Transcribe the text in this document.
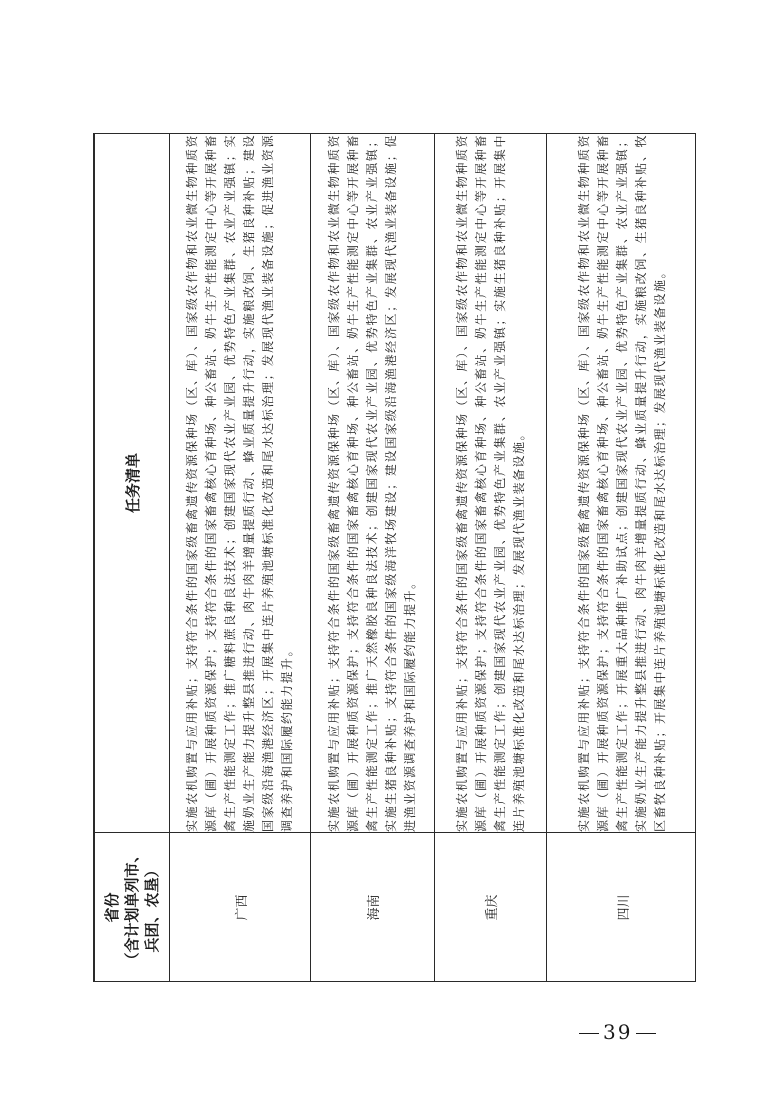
省份 （含计划单列市、 兵团、农垦）	任务清单
广西	实施农机购置与应用补贴；支持符合条件的国家级畜禽遗传资源保种场（区、库）、国家级农作物和农业微生物种质资源库（圃）开展种质资源保护；支持符合条件的国家畜禽核心育种场、种公畜站、奶牛生产性能测定中心等开展种畜禽生产性能测定工作；推广糖料蔗良种良法技术；创建国家现代农业产业园、优势特色产业集群、农业产业强镇；实施奶业生产能力提升整县推进行动、肉牛肉羊增量提质行动、蜂业质量提升行动，实施粮改饲、生猪良种补贴；建设国家级沿海渔港经济区；开展集中连片养殖池塘标准化改造和尾水达标治理；发展现代渔业装备设施；促进渔业资源调查养护和国际履约能力提升。
海南	实施农机购置与应用补贴；支持符合条件的国家级畜禽遗传资源保种场（区、库）、国家级农作物和农业微生物种质资源库（圃）开展种质资源保护；支持符合条件的国家畜禽核心育种场、种公畜站、奶牛生产性能测定中心等开展种畜禽生产性能测定工作；推广天然橡胶良种良法技术；创建国家现代农业产业园、优势特色产业集群、农业产业强镇；实施生猪良种补贴；支持符合条件的国家级海洋牧场建设；建设国家级沿海渔港经济区；发展现代渔业装备设施；促进渔业资源调查养护和国际履约能力提升。
重庆	实施农机购置与应用补贴；支持符合条件的国家级畜禽遗传资源保种场（区、库）、国家级农作物和农业微生物种质资源库（圃）开展种质资源保护；支持符合条件的国家畜禽核心育种场、种公畜站、奶牛生产性能测定中心等开展种畜禽生产性能测定工作；创建国家现代农业产业园、优势特色产业集群、农业产业强镇；实施生猪良种补贴；开展集中连片养殖池塘标准化改造和尾水达标治理；发展现代渔业装备设施。
四川	实施农机购置与应用补贴；支持符合条件的国家级畜禽遗传资源保种场（区、库）、国家级农作物和农业微生物种质资源库（圃）开展种质资源保护；支持符合条件的国家畜禽核心育种场、种公畜站、奶牛生产性能测定中心等开展种畜禽生产性能测定工作；开展重大品种推广补助试点；创建国家现代农业产业园、优势特色产业集群、农业产业强镇；实施奶业生产能力提升整县推进行动、肉牛肉羊增量提质行动、蜂业质量提升行动，实施粮改饲、生猪良种补贴、牧区畜牧良种补贴；开展集中连片养殖池塘标准化改造和尾水达标治理；发展现代渔业装备设施。
39
